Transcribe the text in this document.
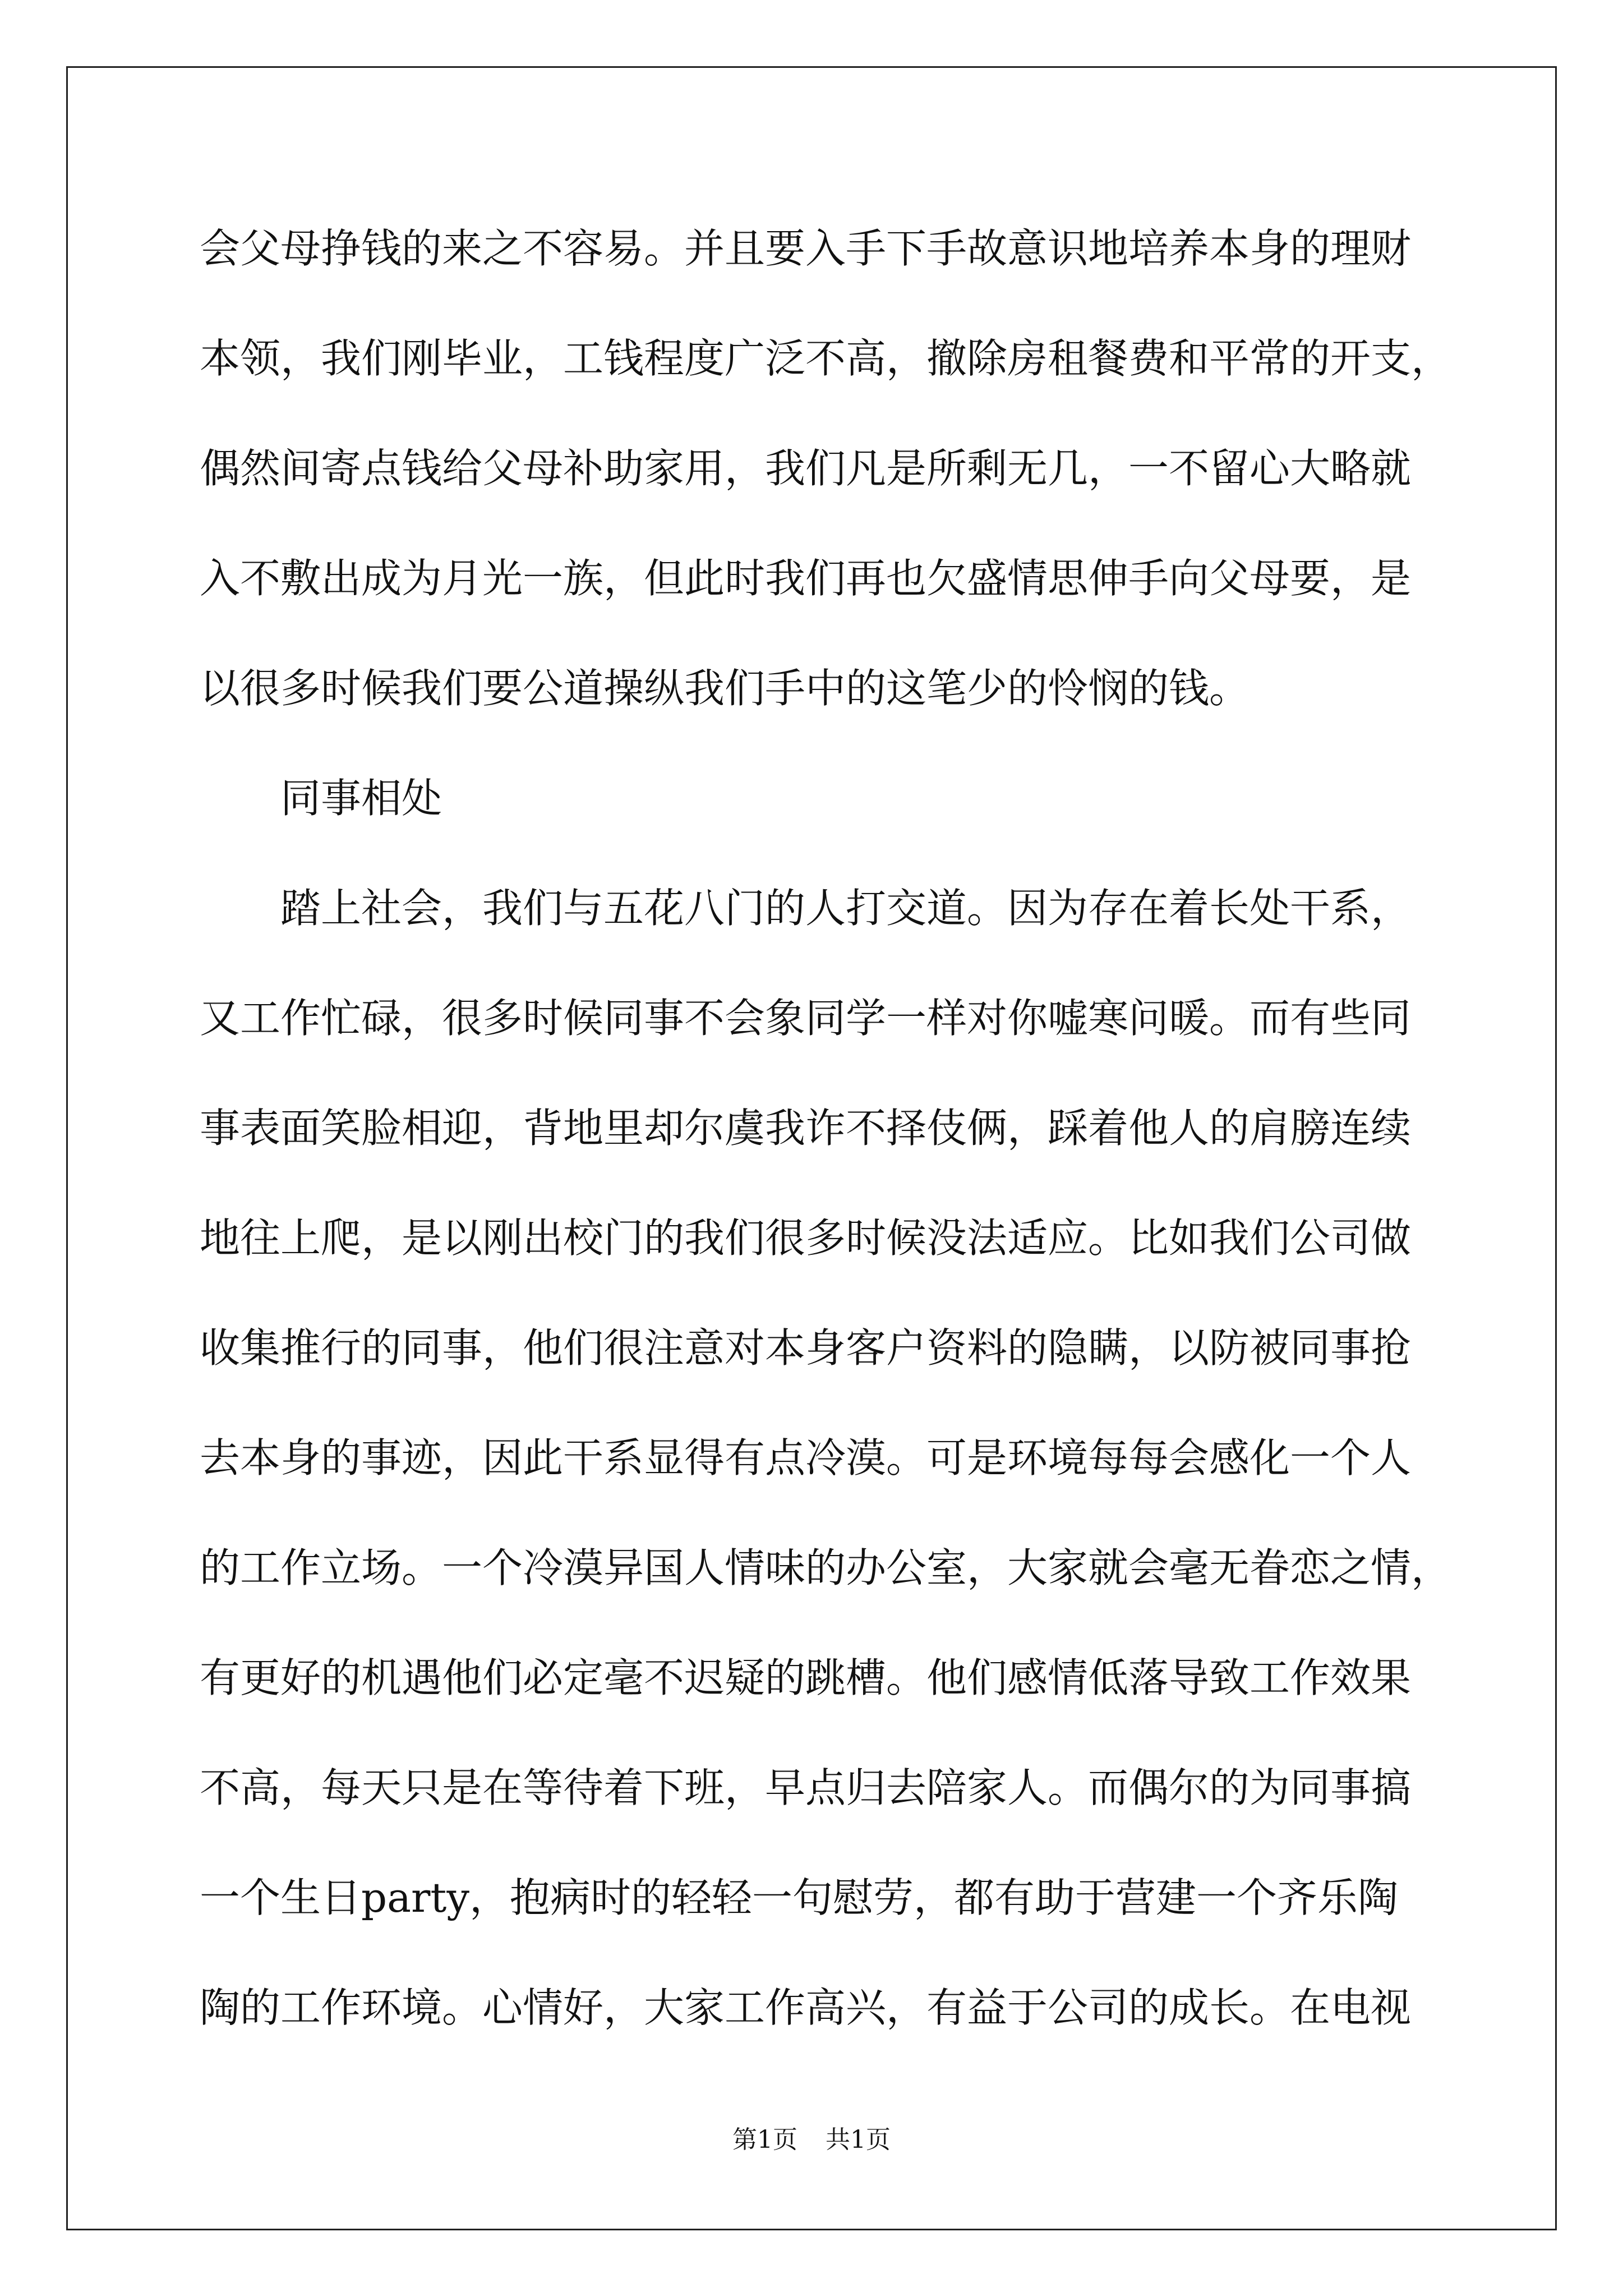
会父母挣钱的来之不容易。并且要入手下手故意识地培养本身的理财
本领，我们刚毕业，工钱程度广泛不高，撤除房租餐费和平常的开支，
偶然间寄点钱给父母补助家用，我们凡是所剩无几，一不留心大略就
入不敷出成为月光一族，但此时我们再也欠盛情思伸手向父母要，是
以很多时候我们要公道操纵我们手中的这笔少的怜悯的钱。
　　同事相处
　　踏上社会，我们与五花八门的人打交道。因为存在着长处干系，
又工作忙碌，很多时候同事不会象同学一样对你嘘寒问暖。而有些同
事表面笑脸相迎，背地里却尔虞我诈不择伎俩，踩着他人的肩膀连续
地往上爬，是以刚出校门的我们很多时候没法适应。比如我们公司做
收集推行的同事，他们很注意对本身客户资料的隐瞒，以防被同事抢
去本身的事迹，因此干系显得有点冷漠。可是环境每每会感化一个人
的工作立场。一个冷漠异国人情味的办公室，大家就会毫无眷恋之情，
有更好的机遇他们必定毫不迟疑的跳槽。他们感情低落导致工作效果
不高，每天只是在等待着下班，早点归去陪家人。而偶尔的为同事搞
一个生日party，抱病时的轻轻一句慰劳，都有助于营建一个齐乐陶
陶的工作环境。心情好，大家工作高兴，有益于公司的成长。在电视
第1页 共1页
